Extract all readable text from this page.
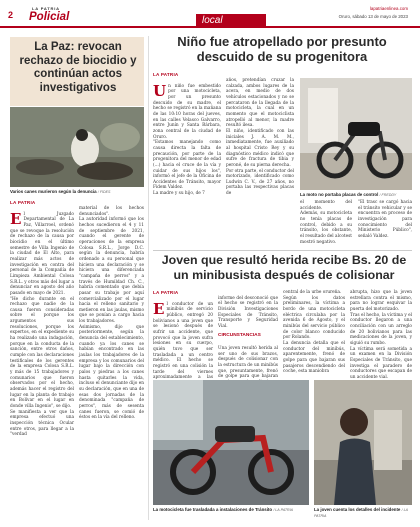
2
LA PATRIA
Policial	local
lapatriaenlinea.com
Oruro, sábado 13 de mayo de 2023
La Paz: revocan rechazo de biocidio y continúan actos investigativos
Varios canes murieron según la denuncia / FIDES
LA PATRIA

El Juzgado Departamental de La Paz, Villarroel, ordenó que se revoque la resolución de rechazo de la causa por biocidio en el último semestre de Villa Ingenio de la ciudad de El Alto, para realizar más actos de investigación en contra del personal de la Compañía de Limpieza Ambiental Colosa S.R.L. y otros más del lugar a denunciar en agosto del año pasado en mayo de 2021.
"He dicho durante en el rechazo que nadie de la causa fueron consideradas sobre el porque los argumentos sus resoluciones, porque los expertos, en el expediente su ha realizado una indagación, porque en la conducta de la sanción, entre otros daños, cumple con las declaraciones testificales de los gerentes de la empresa Colosa S.R.L. y más de 15 trabajadores y comunarios que fueron observados por el hecho, además hacer el registro del lugar en la planta de trabajo en Bolívar en el lugar en donde villa Ingenio", se dijo.
Se manifiesta a ver que la empresa efectuó una inspección técnica Ocular entre otros, para llegar a la "verdad

material de los hechos denunciados".
La autoridad informó que los hechos sucedieron el 4 y 11 de septiembre de 2021, cuando el gerente de operaciones de la empresa Colosa S.R.L., Jorge D.C. según la denuncia, habría ordenado a su personal que hiciera una declaración y se hiciera una diferenciada "campaña de perros" y a través de Humildad Ch. C., habría comentado que debía pasar su trabajo por aquí comercializado por el lugar hacia el relleno sanitario y metieron en las jaulas, mismo que se ponían a cargo hacia los trabajadores.
Asimismo, dijo que posteriormente, según la denuncia del establecimiento, cuando ya los canes se habían encontrado en las jaulas los trabajadores de la empresa y los comunarios del lugar bajo la dirección con palos y piedras a los canes hasta quitarles la vida, incluso el denunciante dijo en su declaración, que en una de esas dos jornadas de la denominada "campaña de perros", más de sesenta canes fueron, se comió de éstos en la vía del relleno.
Niño fue atropellado por presunto descuido de su progenitora
LA PATRIA

Un niño fue embestido por una motocicleta, por un presunto descuido de su madre, el hecho se registró en la mañana de las 10:10 horas del jueves, en las calles Velasco Galvarro, entre Junín y Santa Bárbara, zona central de la ciudad de Oruro.
"Estamos manejando como causa directa la falta de precaución, por parte de la progenitora del menor de edad (...) hacia el cruce de la vía y cuidar de sus hijos los", informó el jefe de la Oficina de Accidentes de Tránsito, mayor Fidem Valdez.
La madre y su hijo, de 7

años, pretendían cruzar la calzada, ambos lugares de la acera, en medio de dos vehículos estacionados y no se percataron de la llegada de la motocicleta, la cual en un momento que el motociclista atropelló al menor, la madre resultó ilesa.
El niño, identificado con las iniciales J. A. M. M., inmediatamente, fue auxiliado al hospital Cristo Rey y su diagnóstico médico indicó que sufre de fractura de tibia y peroné, de su pierna derecha.
Por otra parte, el conductor del motorizado, identificado como Ludwin C. V., de 27 años, no portaba las respectivas placas de	La moto no portaba placas de control / FREDDY
el momento del accidente.
Además, su motocicleta no tenía placas de control, debido a su tránsito, los obstante, el resultado del alcotest mostró negativo.
"El trasc se cargó hacia el tránsito vehicular y se encuentra en proceso de investigación para conocimiento del Ministerio Público", señaló Valdez.
Joven que resultó herida recibe Bs. 20 de un minibusista después de colisionar
LA PATRIA

El conductor de un minibús de servicio público, entregó 20 bolivianos a una joven que se lesionó después de sufrir un accidente, que provocó que la joven sufra lesiones en su cuerpo, quién tuvo que ser trasladada a un centro médico. El hecho se registró en una colisión la tarde del viernes aproximadamente a las

informe del desconoció que el hecho se registró en la División Investigaciones Especiales de Tránsito, Transporte y Seguridad Vial.

CIRCUNSTANCIAS

Una joven resultó herida al ser uno de sus brazos, después de colisionar con la estructura de un minibús que, presuntamente, frenó de golpe para que bajaran

central de la urbe orureña.
Según los datos preliminares, la víctima a bordo de una motocicleta eléctrica circulaba por la avenida 6 de Agosto, y el minibús del servicio público de color blanco conducido por Rolando.
La denuncia detalla que el conductor del minibús, aparentemente, frenó de golpe para que bajaran sus pasajeros descendiendo del coche, esta maniobra
abrupta, hizo que la joven estrellara contra el mismo, para no lograr esquivar la puerta del motorizado.
Tras el hecho, la víctima y el conductor llegaron a una conciliación con un arreglo de 20 bolivianos para las medicaciones de la joven, y siguió su rumbo.
La víctima será sometida a un examen en la División Especiales de Tránsito, que investiga el paradero de conductores que escapan de un accidente vial.
La motocicleta fue trasladada a instalaciones de Tránsito / LA PATRIA	La joven cuenta los detalles del incidente / LA PATRIA
